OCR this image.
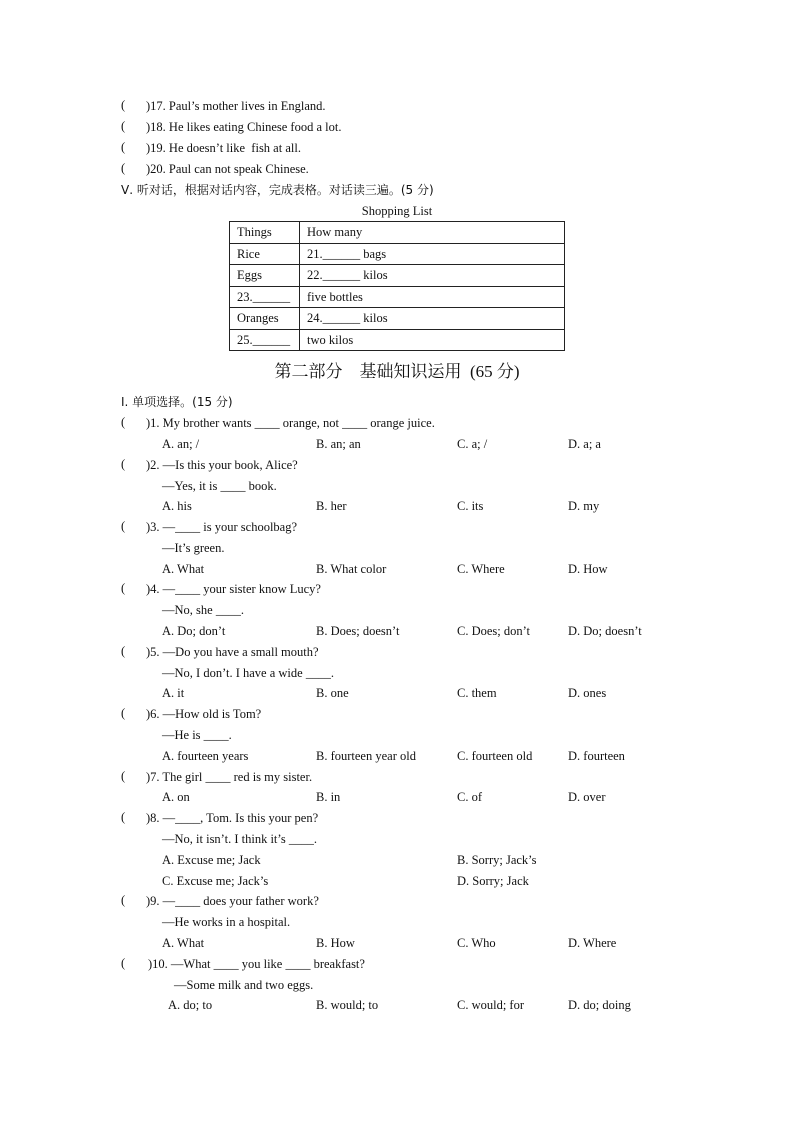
( )17. Paul’s mother lives in England.
( )18. He likes eating Chinese food a lot.
( )19. He doesn’t like  fish at all.
( )20. Paul can not speak Chinese.
Ⅴ. 听对话，根据对话内容，完成表格。对话读三遍。(5 分)
Shopping List
Things	How many
Rice	21.______ bags
Eggs	22.______ kilos
23.______	five bottles
Oranges	24.______ kilos
25.______	two kilos
第二部分    基础知识运用  (65 分)
Ⅰ. 单项选择。(15 分)
( )1. My brother wants ____ orange, not ____ orange juice.
A. an; /	B. an; an	C. a; /	D. a; a
( )2. —Is this your book, Alice?
—Yes, it is ____ book.
A. his	B. her	C. its	D. my
( )3. —____ is your schoolbag?
—It’s green.
A. What	B. What color	C. Where	D. How
( )4. —____ your sister know Lucy?
—No, she ____.
A. Do; don’t	B. Does; doesn’t	C. Does; don’t	D. Do; doesn’t
( )5. —Do you have a small mouth?
—No, I don’t. I have a wide ____.
A. it	B. one	C. them	D. ones
( )6. —How old is Tom?
—He is ____.
A. fourteen years	B. fourteen year old	C. fourteen old	D. fourteen
( )7. The girl ____ red is my sister.
A. on	B. in	C. of	D. over
( )8. —____, Tom. Is this your pen?
—No, it isn’t. I think it’s ____.
A. Excuse me; Jack	B. Sorry; Jack’s
C. Excuse me; Jack’s	D. Sorry; Jack
( )9. —____ does your father work?
—He works in a hospital.
A. What	B. How	C. Who	D. Where
( )10. —What ____ you like ____ breakfast?
—Some milk and two eggs.
A. do; to	B. would; to	C. would; for	D. do; doing
